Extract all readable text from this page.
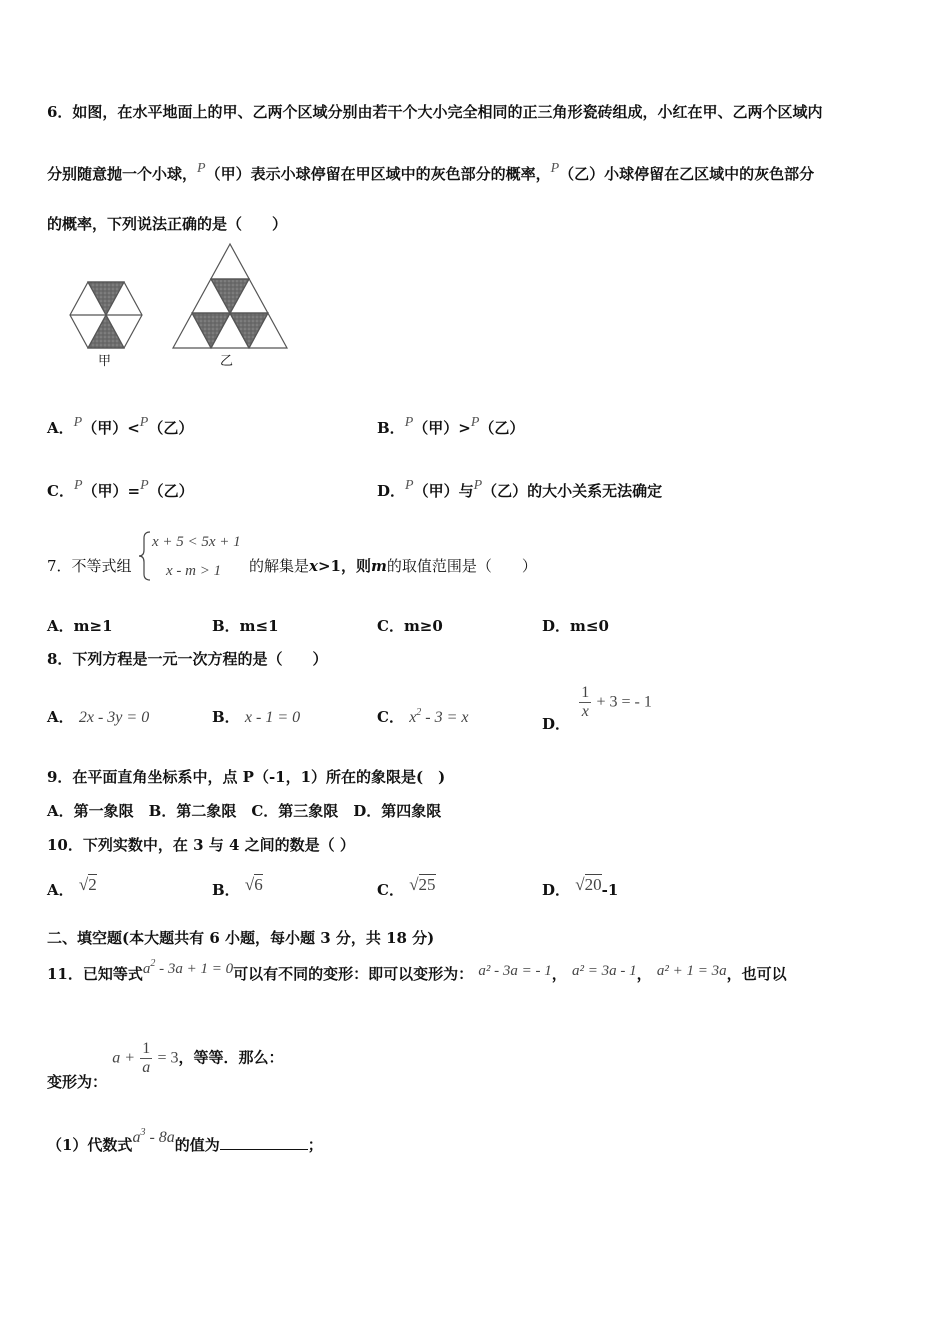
6．如图，在水平地面上的甲、乙两个区域分别由若干个大小完全相同的正三角形瓷砖组成，小红在甲、乙两个区域内
分别随意抛一个小球，P（甲）表示小球停留在甲区域中的灰色部分的概率，P（乙）小球停留在乙区域中的灰色部分
的概率，下列说法正确的是（　　）
甲	乙
A．P（甲）<P（乙）	B．P（甲）>P（乙）
C．P（甲）=P（乙）	D．P（甲）与P（乙）的大小关系无法确定
7．不等式组
x + 5 < 5x + 1
x - m > 1 的解集是x>1，则m的取值范围是（　　）
A．m≥1	B．m≤1	C．m≥0	D．m≤0
8．下列方程是一元一次方程的是（　　）
A． 2x - 3y = 0	B． x - 1 = 0	C． $x^2 - 3 = x$	D．
$\frac{1}{x} + 3$ = - 1
9．在平面直角坐标系中，点 P（-1，1）所在的象限是(　)
A．第一象限　B．第二象限　C．第三象限　D．第四象限
10．下列实数中，在 3 与 4 之间的数是（ ）
A． √2	B． √6	C． √25	D． √20-1
二、填空题(本大题共有 6 小题，每小题 3 分，共 18 分)
11．已知等式$a^2 - 3a + 1 = 0$可以有不同的变形：即可以变形为： a² - 3a = - 1， a² = 3a - 1， a² + 1 = 3a，也可以
变形为： $a + \frac{1}{a} = 3$，等等．那么：
（1）代数式$a^3 - 8a$的值为	；
